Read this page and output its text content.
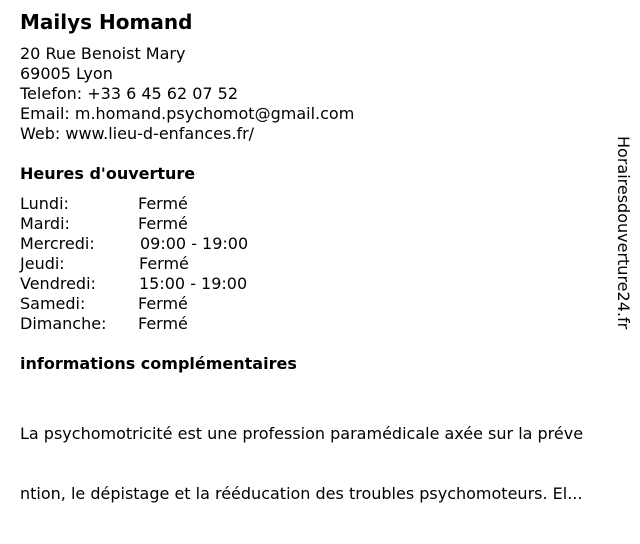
Mailys Homand
20 Rue Benoist Mary
69005 Lyon
Telefon: +33 6 45 62 07 52
Email: m.homand.psychomot@gmail.com
Web: www.lieu-d-enfances.fr/
Heures d'ouverture
Lundi:	Fermé
Mardi:	Fermé
Mercredi:	09:00 - 19:00
Jeudi:	Fermé
Vendredi:	15:00 - 19:00
Samedi:	Fermé
Dimanche: Fermé
informations complémentaires

La psychomotricité est une profession paramédicale axée sur la préve

ntion, le dépistage et la rééducation des troubles psychomoteurs. El...

Horairesdouverture24.fr
